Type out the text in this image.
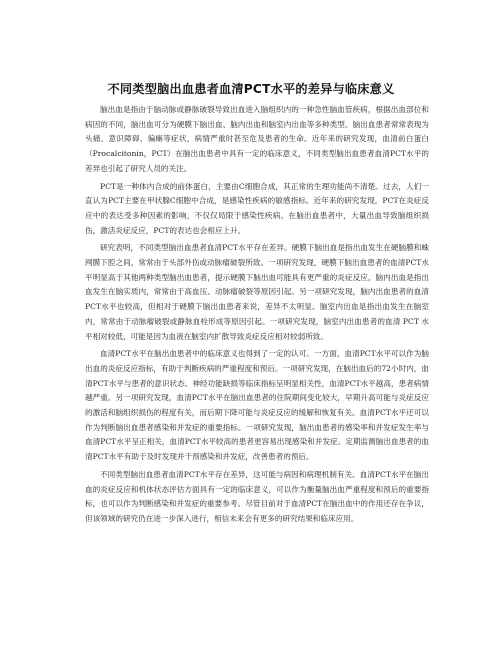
不同类型脑出血患者血清PCT水平的差异与临床意义

脑出血是指由于脑动脉或静脉破裂导致出血进入脑组织内的一种急性脑血管疾病，根据出血部位和病因的不同，脑出血可分为硬膜下脑出血、脑内出血和脑室内出血等多种类型。脑出血患者常常表现为头痛、意识障碍、偏瘫等症状，病情严重时甚至危及患者的生命。近年来的研究发现，血清前白蛋白（Procalcitonin，PCT）在脑出血患者中具有一定的临床意义，不同类型脑出血患者血清PCT水平的差异也引起了研究人员的关注。

PCT是一种体内合成的前体蛋白，主要由C细胞合成，其正常的生理功能尚不清楚。过去，人们一直认为PCT主要在甲状腺C细胞中合成，是感染性疾病的敏感指标。近年来的研究发现，PCT在炎症反应中的表达受多种因素的影响，不仅仅局限于感染性疾病。在脑出血患者中，大量出血导致脑组织损伤，激活炎症反应，PCT的表达也会相应上升。

研究表明，不同类型脑出血患者血清PCT水平存在差异。硬膜下脑出血是指出血发生在硬脑膜和蛛网膜下腔之间，常常由于头部外伤或动脉瘤破裂所致。一项研究发现，硬膜下脑出血患者的血清PCT水平明显高于其他两种类型脑出血患者，提示硬膜下脑出血可能具有更严重的炎症反应。脑内出血是指出血发生在脑实质内，常常由于高血压、动脉瘤破裂等原因引起。另一项研究发现，脑内出血患者的血清PCT水平也较高，但相对于硬膜下脑出血患者来说，差异不太明显。脑室内出血是指出血发生在脑室内，常常由于动脉瘤破裂或静脉血栓形成等原因引起。一项研究发现，脑室内出血患者的血清 PCT 水平相对较低，可能是因为血液在脑室内扩散导致炎症反应相对较弱所致。

血清PCT水平在脑出血患者中的临床意义也得到了一定的认可。一方面，血清PCT水平可以作为脑出血的炎症反应指标，有助于判断疾病的严重程度和预后。一项研究发现，在脑出血后的72小时内，血清PCT水平与患者的意识状态、神经功能缺损等临床指标呈明显相关性，血清PCT水平越高，患者病情越严重。另一项研究发现，血清PCT水平在脑出血患者的住院期间变化较大，早期升高可能与炎症反应的激活和脑组织损伤的程度有关，而后期下降可能与炎症反应的缓解和恢复有关。血清PCT水平还可以作为判断脑出血患者感染和并发症的重要指标。一项研究发现，脑出血患者的感染率和并发症发生率与血清PCT水平呈正相关，血清PCT水平较高的患者更容易出现感染和并发症。定期监测脑出血患者的血清PCT水平有助于及时发现并干预感染和并发症，改善患者的预后。

不同类型脑出血患者血清PCT水平存在差异，这可能与病因和病理机制有关。血清PCT水平在脑出血的炎症反应和机体状态评估方面具有一定的临床意义，可以作为衡量脑出血严重程度和预后的重要指标，也可以作为判断感染和并发症的重要参考。尽管目前对于血清PCT在脑出血中的作用还存在争议，但该领域的研究仍在进一步深入进行，相信未来会有更多的研究结果和临床应用。
